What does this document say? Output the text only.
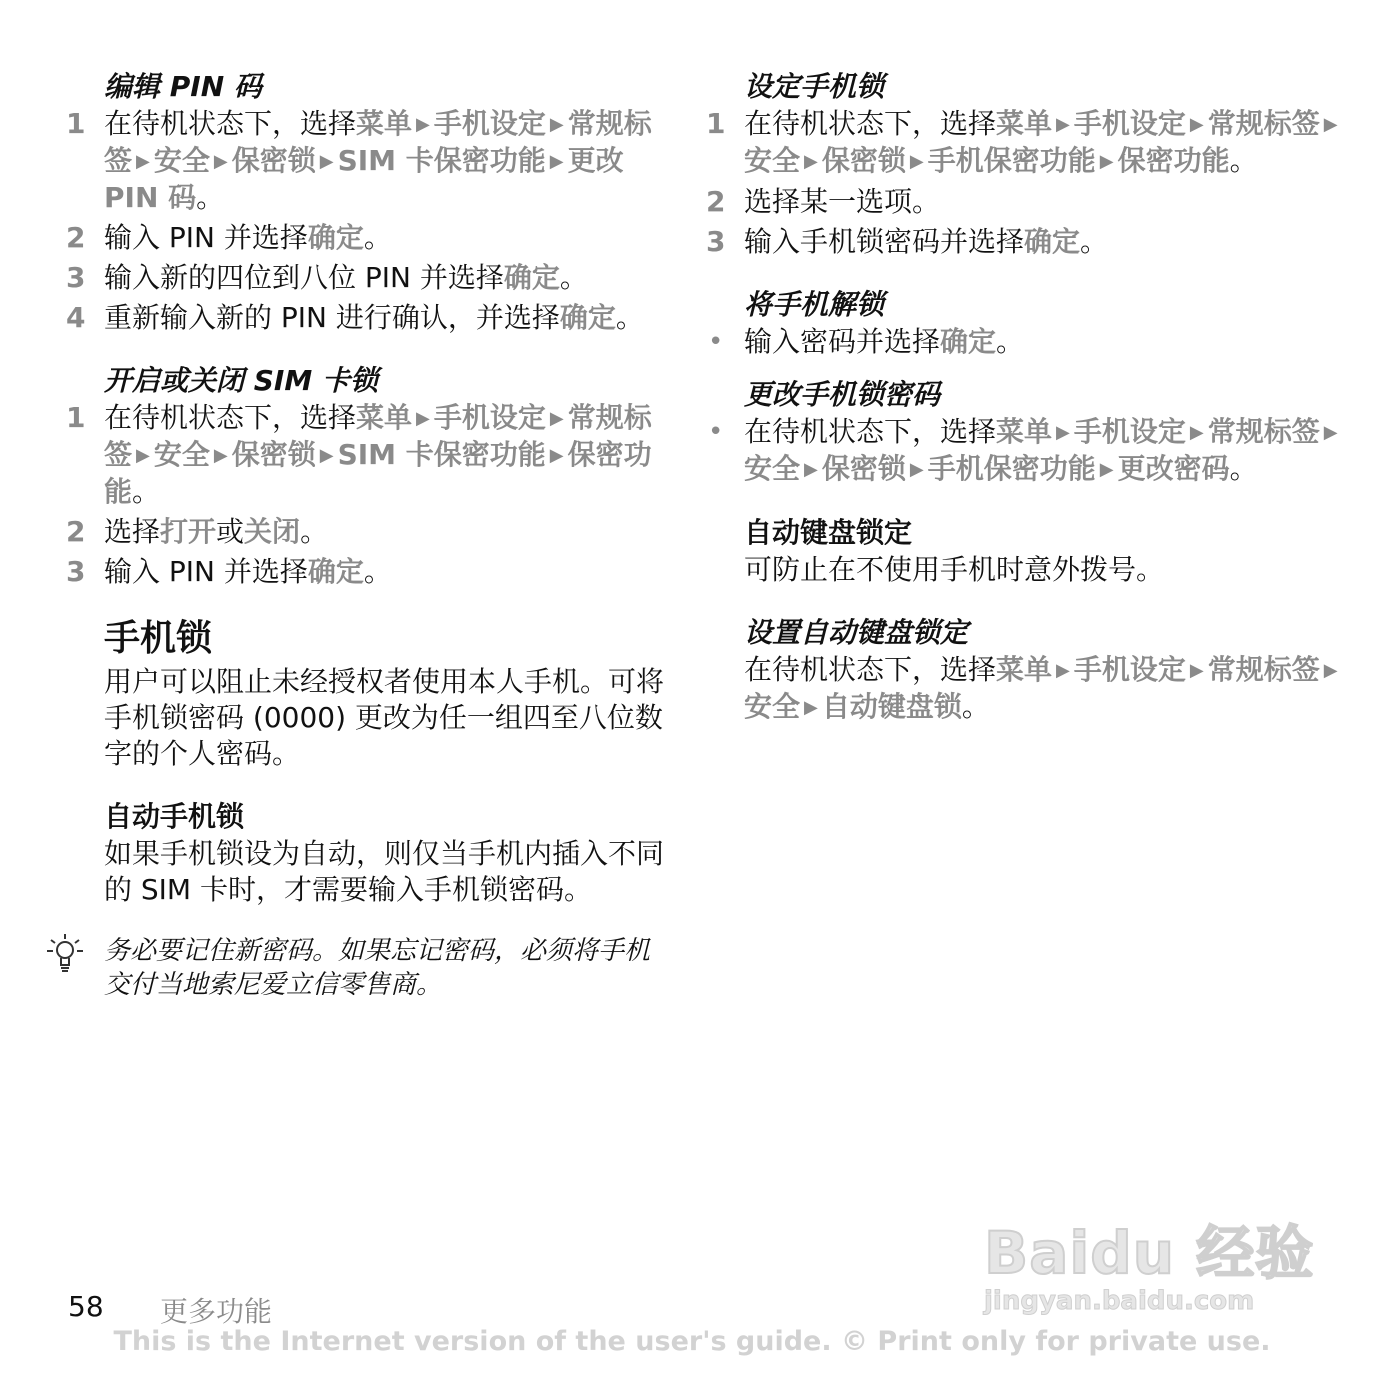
编辑 PIN 码
1 在待机状态下，选择菜单 ▶ 手机设定 ▶ 常规标签 ▶ 安全 ▶ 保密锁 ▶ SIM 卡保密功能 ▶ 更改 PIN 码。
2 输入 PIN 并选择确定。
3 输入新的四位到八位 PIN 并选择确定。
4 重新输入新的 PIN 进行确认，并选择确定。
开启或关闭 SIM 卡锁
1 在待机状态下，选择菜单 ▶ 手机设定 ▶ 常规标签 ▶ 安全 ▶ 保密锁 ▶ SIM 卡保密功能 ▶ 保密功能。
2 选择打开或关闭。
3 输入 PIN 并选择确定。
手机锁

用户可以阻止未经授权者使用本人手机。可将手机锁密码 (0000) 更改为任一组四至八位数字的个人密码。

自动手机锁

如果手机锁设为自动，则仅当手机内插入不同的 SIM 卡时，才需要输入手机锁密码。

务必要记住新密码。如果忘记密码，必须将手机交付当地索尼爱立信零售商。
设定手机锁
1 在待机状态下，选择菜单 ▶ 手机设定 ▶ 常规标签 ▶安全 ▶ 保密锁 ▶ 手机保密功能 ▶ 保密功能。
2 选择某一选项。
3 输入手机锁密码并选择确定。
将手机解锁
• 输入密码并选择确定。
更改手机锁密码
• 在待机状态下，选择菜单 ▶ 手机设定 ▶ 常规标签 ▶安全 ▶ 保密锁 ▶ 手机保密功能 ▶ 更改密码。
自动键盘锁定

可防止在不使用手机时意外拨号。

设置自动键盘锁定

在待机状态下，选择菜单 ▶ 手机设定 ▶ 常规标签 ▶安全 ▶ 自动键盘锁。

58 更多功能
This is the Internet version of the user's guide. © Print only for private use.
Baidu 经验
jingyan.baidu.com
